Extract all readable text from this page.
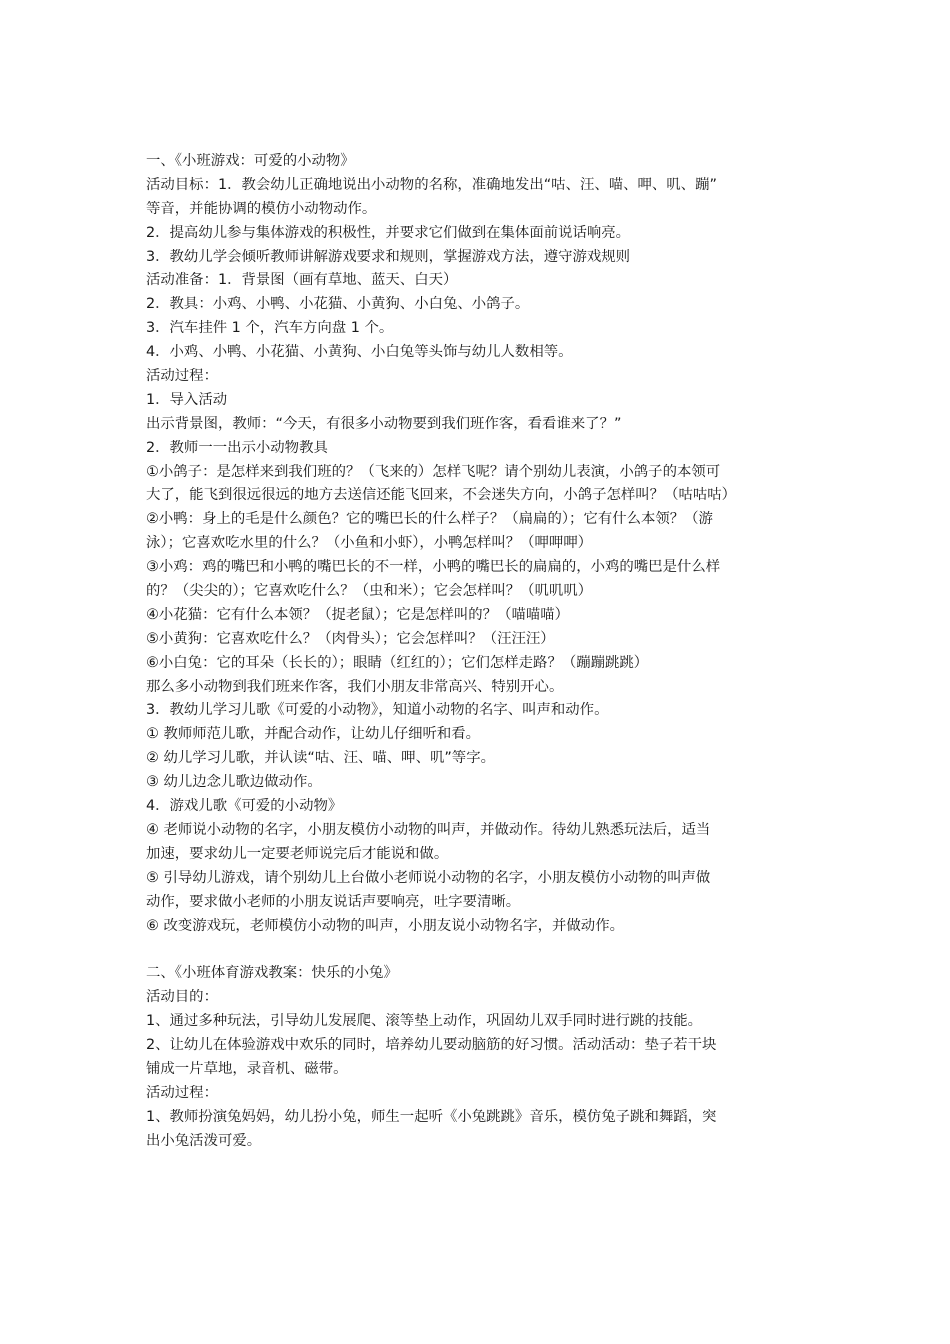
一、《小班游戏：可爱的小动物》
活动目标：1．教会幼儿正确地说出小动物的名称，准确地发出“咕、汪、喵、呷、叽、蹦”
等音，并能协调的模仿小动物动作。
2．提高幼儿参与集体游戏的积极性，并要求它们做到在集体面前说话响亮。
3．教幼儿学会倾听教师讲解游戏要求和规则，掌握游戏方法，遵守游戏规则
活动准备：1．背景图（画有草地、蓝天、白天）
2．教具：小鸡、小鸭、小花猫、小黄狗、小白兔、小鸽子。
3．汽车挂件 1 个，汽车方向盘 1 个。
4．小鸡、小鸭、小花猫、小黄狗、小白兔等头饰与幼儿人数相等。
活动过程：
1．导入活动
出示背景图，教师：“今天，有很多小动物要到我们班作客，看看谁来了？”
2．教师一一出示小动物教具
①小鸽子：是怎样来到我们班的？（飞来的）怎样飞呢？请个别幼儿表演，小鸽子的本领可
大了，能飞到很远很远的地方去送信还能飞回来，不会迷失方向，小鸽子怎样叫？（咕咕咕）
②小鸭：身上的毛是什么颜色？它的嘴巴长的什么样子？（扁扁的）；它有什么本领？（游
泳）；它喜欢吃水里的什么？（小鱼和小虾），小鸭怎样叫？（呷呷呷）
③小鸡：鸡的嘴巴和小鸭的嘴巴长的不一样，小鸭的嘴巴长的扁扁的，小鸡的嘴巴是什么样
的？（尖尖的）；它喜欢吃什么？（虫和米）；它会怎样叫？（叽叽叽）
④小花猫：它有什么本领？（捉老鼠）；它是怎样叫的？（喵喵喵）
⑤小黄狗：它喜欢吃什么？（肉骨头）；它会怎样叫？（汪汪汪）
⑥小白兔：它的耳朵（长长的）；眼睛（红红的）；它们怎样走路？（蹦蹦跳跳）
那么多小动物到我们班来作客，我们小朋友非常高兴、特别开心。
3．教幼儿学习儿歌《可爱的小动物》，知道小动物的名字、叫声和动作。
① 教师师范儿歌，并配合动作，让幼儿仔细听和看。
② 幼儿学习儿歌，并认读“咕、汪、喵、呷、叽”等字。
③ 幼儿边念儿歌边做动作。
4．游戏儿歌《可爱的小动物》
④ 老师说小动物的名字，小朋友模仿小动物的叫声，并做动作。待幼儿熟悉玩法后，适当
加速，要求幼儿一定要老师说完后才能说和做。
⑤ 引导幼儿游戏，请个别幼儿上台做小老师说小动物的名字，小朋友模仿小动物的叫声做
动作，要求做小老师的小朋友说话声要响亮，吐字要清晰。
⑥ 改变游戏玩，老师模仿小动物的叫声，小朋友说小动物名字，并做动作。
二、《小班体育游戏教案：快乐的小兔》
活动目的：
1、通过多种玩法，引导幼儿发展爬、滚等垫上动作，巩固幼儿双手同时进行跳的技能。
2、让幼儿在体验游戏中欢乐的同时，培养幼儿要动脑筋的好习惯。活动活动：垫子若干块
铺成一片草地，录音机、磁带。
活动过程：
1、教师扮演兔妈妈，幼儿扮小兔，师生一起听《小兔跳跳》音乐，模仿兔子跳和舞蹈，突
出小兔活泼可爱。
